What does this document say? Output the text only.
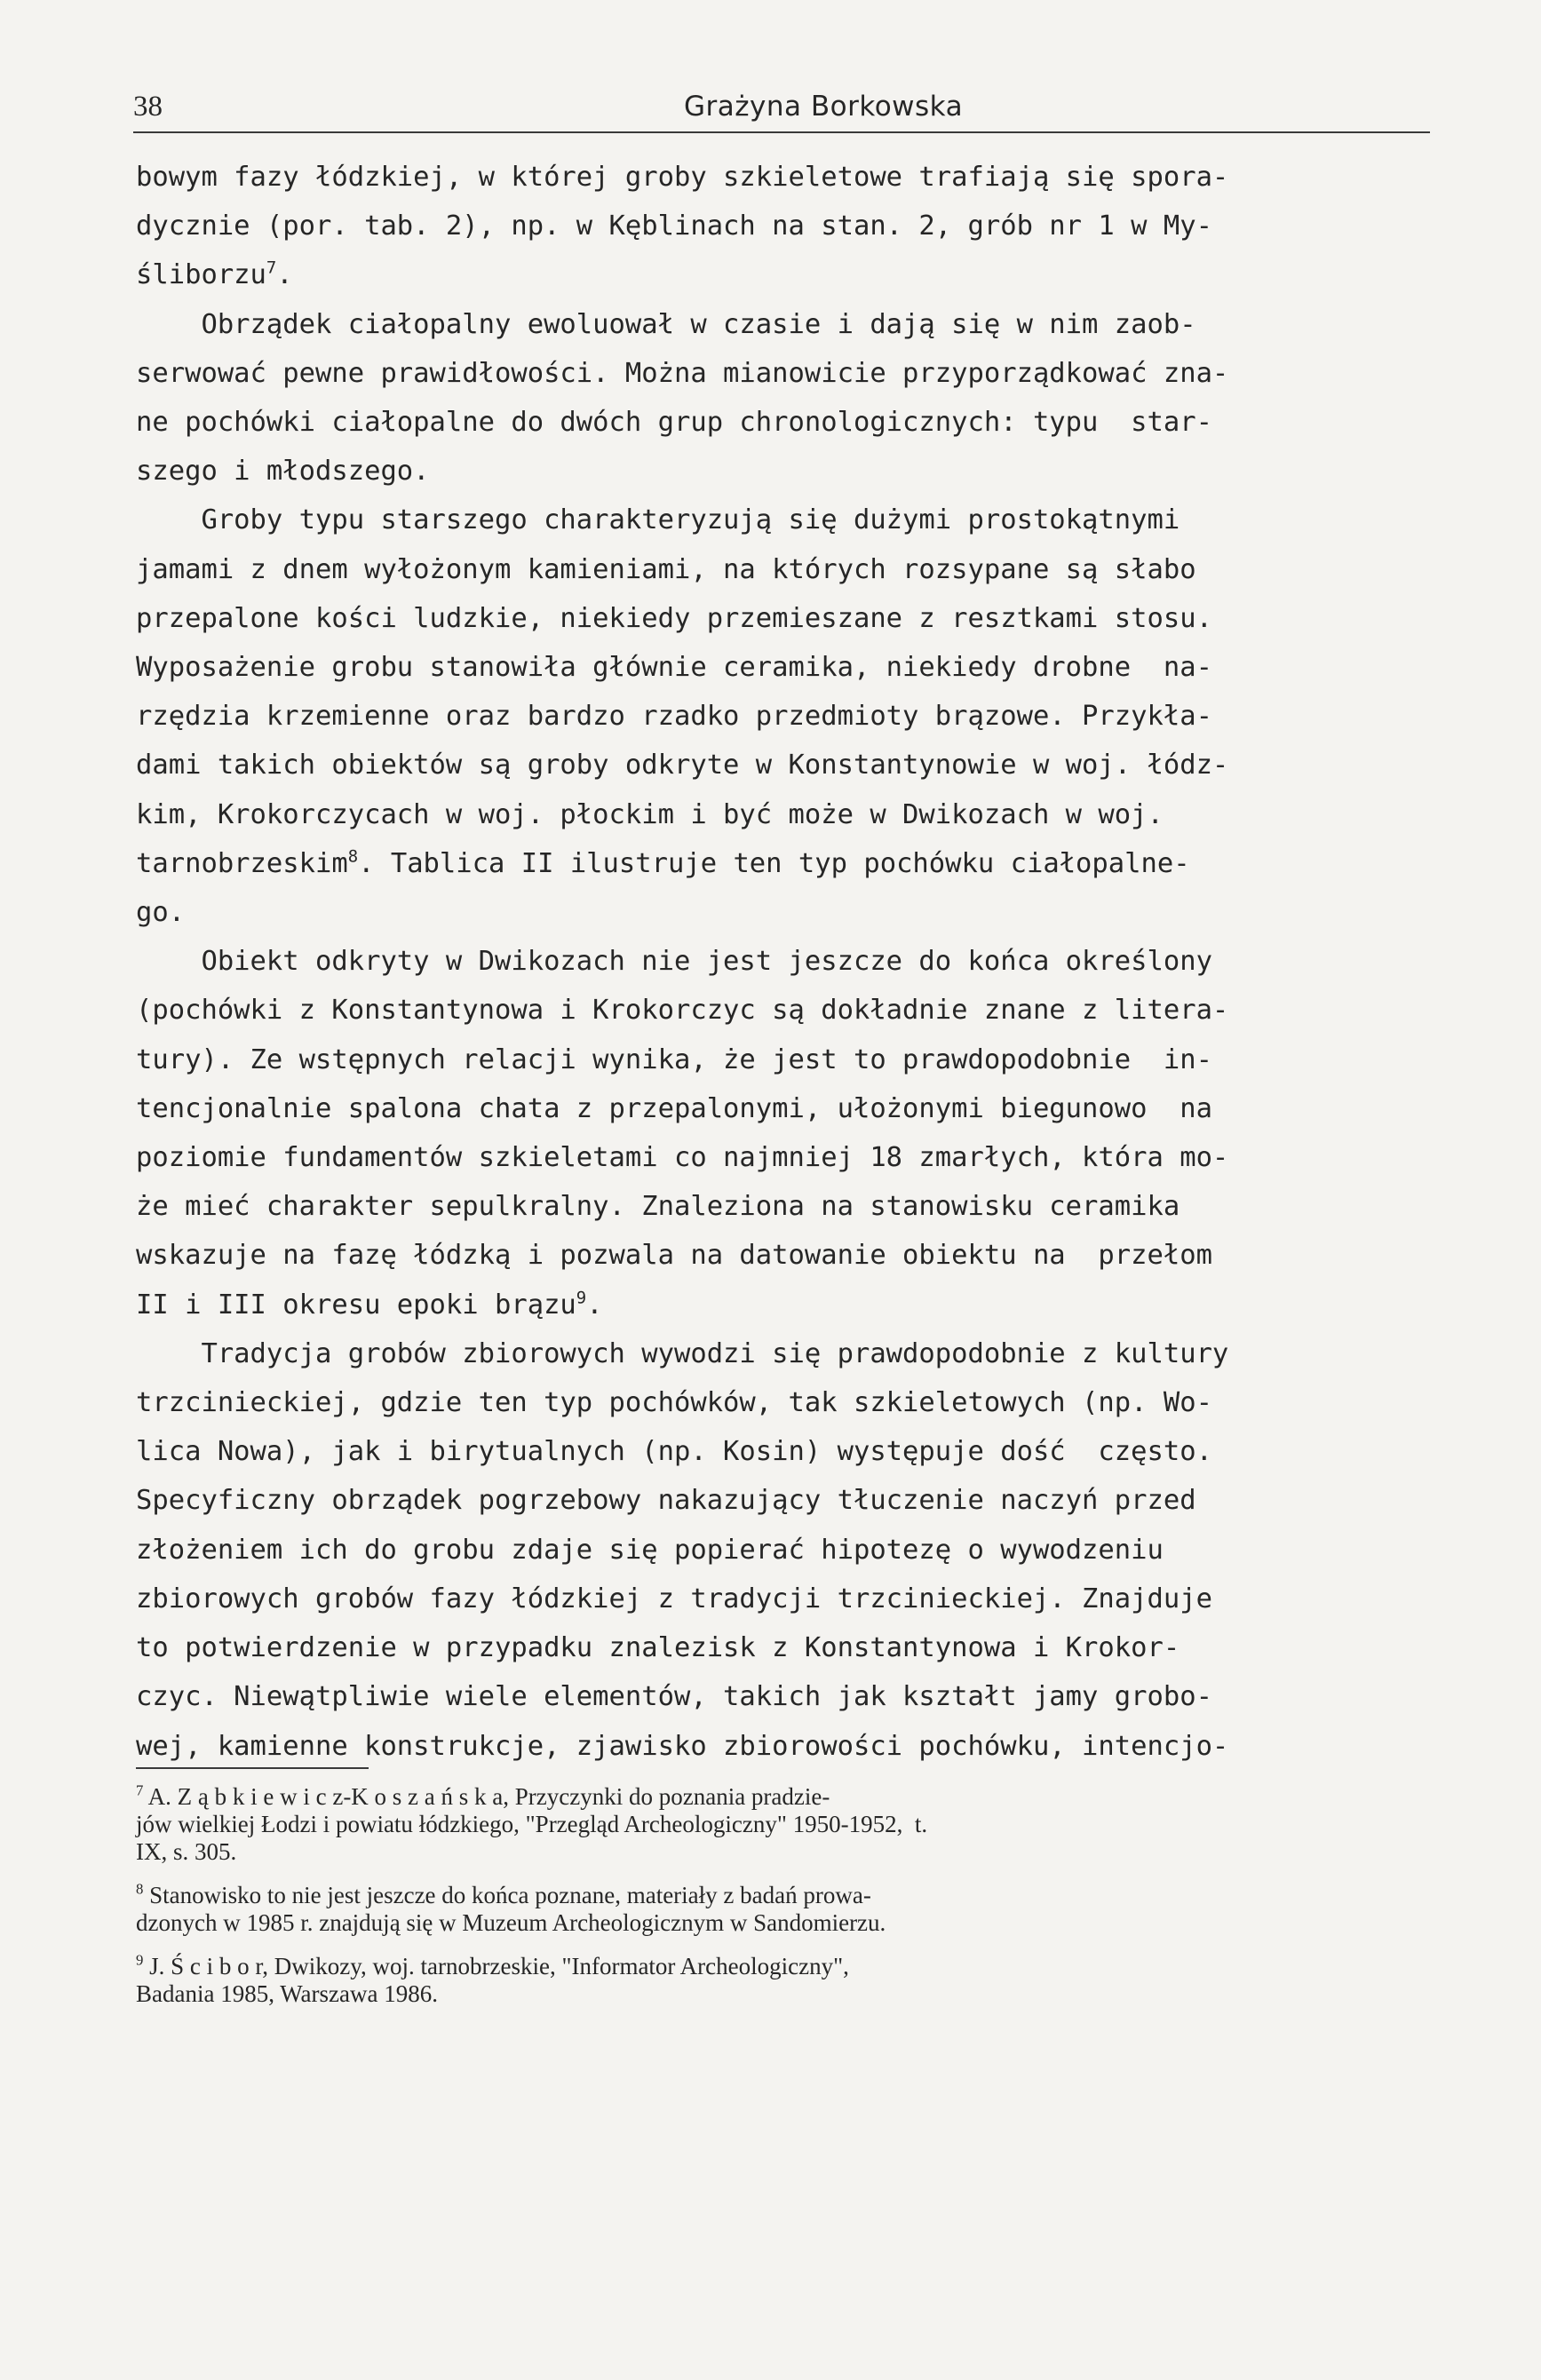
38	Grażyna Borkowska
bowym fazy łódzkiej, w której groby szkieletowe trafiają się spora-
dycznie (por. tab. 2), np. w Kęblinach na stan. 2, grób nr 1 w My-
śliborzu$^7$.
Obrządek ciałopalny ewoluował w czasie i dają się w nim zaob-
serwować pewne prawidłowości. Można mianowicie przyporządkować zna-
ne pochówki ciałopalne do dwóch grup chronologicznych: typu  star-
szego i młodszego.
Groby typu starszego charakteryzują się dużymi prostokątnymi
jamami z dnem wyłożonym kamieniami, na których rozsypane są słabo
przepalone kości ludzkie, niekiedy przemieszane z resztkami stosu.
Wyposażenie grobu stanowiła głównie ceramika, niekiedy drobne  na-
rzędzia krzemienne oraz bardzo rzadko przedmioty brązowe. Przykła-
dami takich obiektów są groby odkryte w Konstantynowie w woj. łódz-
kim, Krokorczycach w woj. płockim i być może w Dwikozach w woj.
tarnobrzeskim$^8$. Tablica II ilustruje ten typ pochówku ciałopalne-
go.
Obiekt odkryty w Dwikozach nie jest jeszcze do końca określony
(pochówki z Konstantynowa i Krokorczyc są dokładnie znane z litera-
tury). Ze wstępnych relacji wynika, że jest to prawdopodobnie  in-
tencjonalnie spalona chata z przepalonymi, ułożonymi biegunowo  na
poziomie fundamentów szkieletami co najmniej 18 zmarłych, która mo-
że mieć charakter sepulkralny. Znaleziona na stanowisku ceramika
wskazuje na fazę łódzką i pozwala na datowanie obiektu na  przełom
II i III okresu epoki brązu$^9$.
Tradycja grobów zbiorowych wywodzi się prawdopodobnie z kultury
trzcinieckiej, gdzie ten typ pochówków, tak szkieletowych (np. Wo-
lica Nowa), jak i birytualnych (np. Kosin) występuje dość  często.
Specyficzny obrządek pogrzebowy nakazujący tłuczenie naczyń przed
złożeniem ich do grobu zdaje się popierać hipotezę o wywodzeniu
zbiorowych grobów fazy łódzkiej z tradycji trzcinieckiej. Znajduje
to potwierdzenie w przypadku znalezisk z Konstantynowa i Krokor-
czyc. Niewątpliwie wiele elementów, takich jak kształt jamy grobo-
wej, kamienne konstrukcje, zjawisko zbiorowości pochówku, intencjo-
$^7$ A. Z ą b k i e w i c z-K o s z a ń s k a, Przyczynki do poznania pradzie-
jów wielkiej Łodzi i powiatu łódzkiego, "Przegląd Archeologiczny" 1950-1952,  t.
IX, s. 305.
$^8$ Stanowisko to nie jest jeszcze do końca poznane, materiały z badań prowa-
dzonych w 1985 r. znajdują się w Muzeum Archeologicznym w Sandomierzu.
$^9$ J. Ś c i b o r, Dwikozy, woj. tarnobrzeskie, "Informator Archeologiczny",
Badania 1985, Warszawa 1986.
